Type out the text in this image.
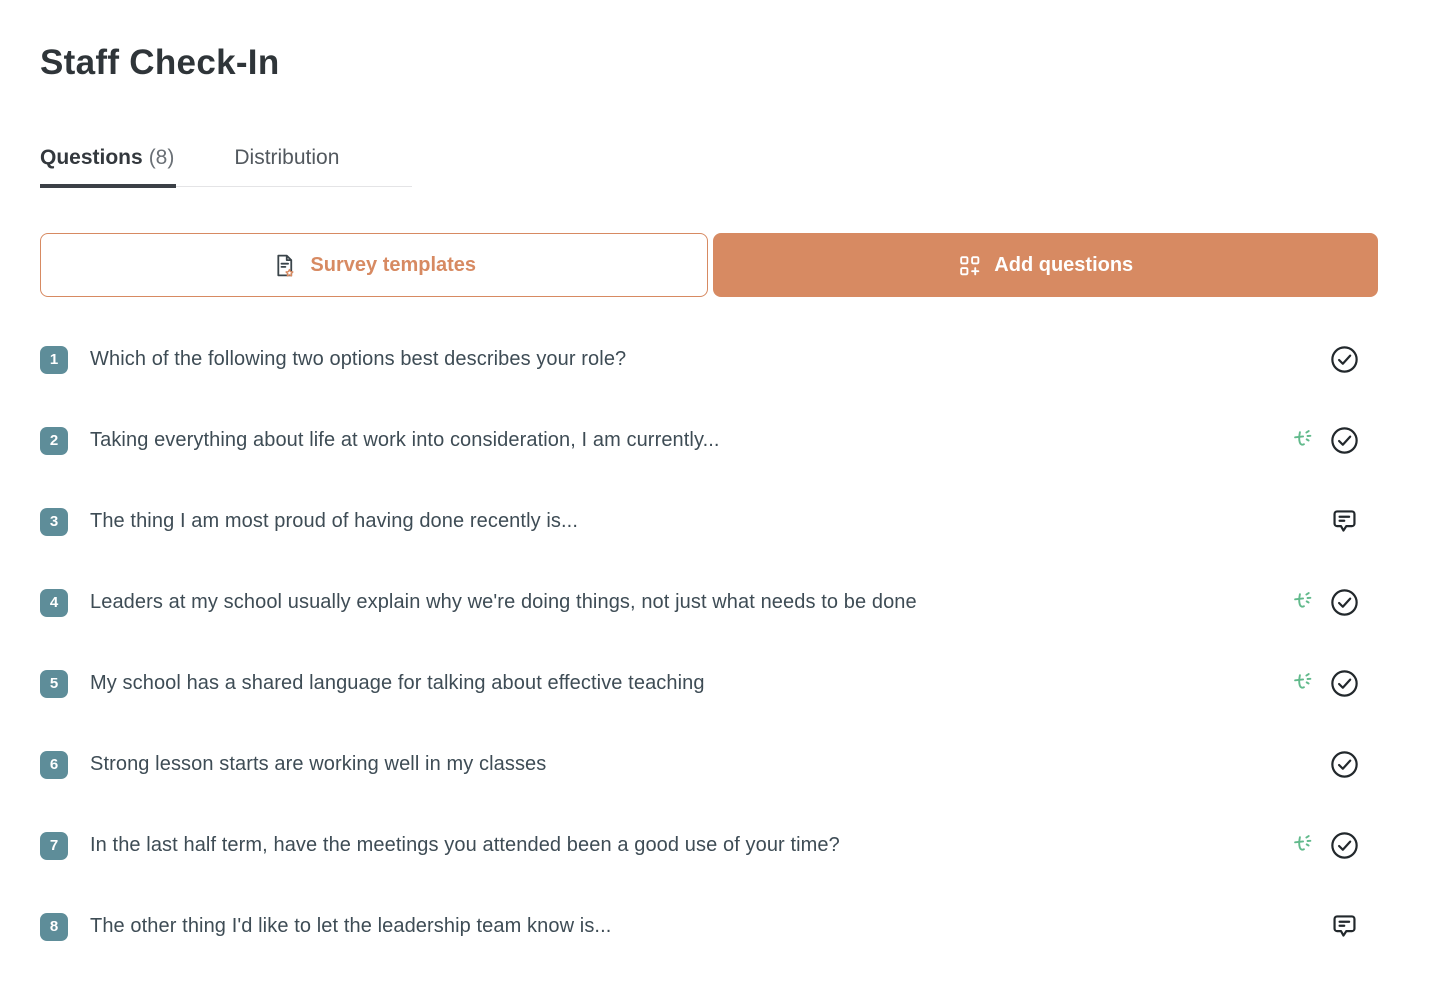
Staff Check-In
Questions (8)	Distribution
Survey templates	Add questions
1	Which of the following two options best describes your role?
2	Taking everything about life at work into consideration, I am currently...
3	The thing I am most proud of having done recently is...
4	Leaders at my school usually explain why we're doing things, not just what needs to be done
5	My school has a shared language for talking about effective teaching
6	Strong lesson starts are working well in my classes
7	In the last half term, have the meetings you attended been a good use of your time?
8	The other thing I'd like to let the leadership team know is...
